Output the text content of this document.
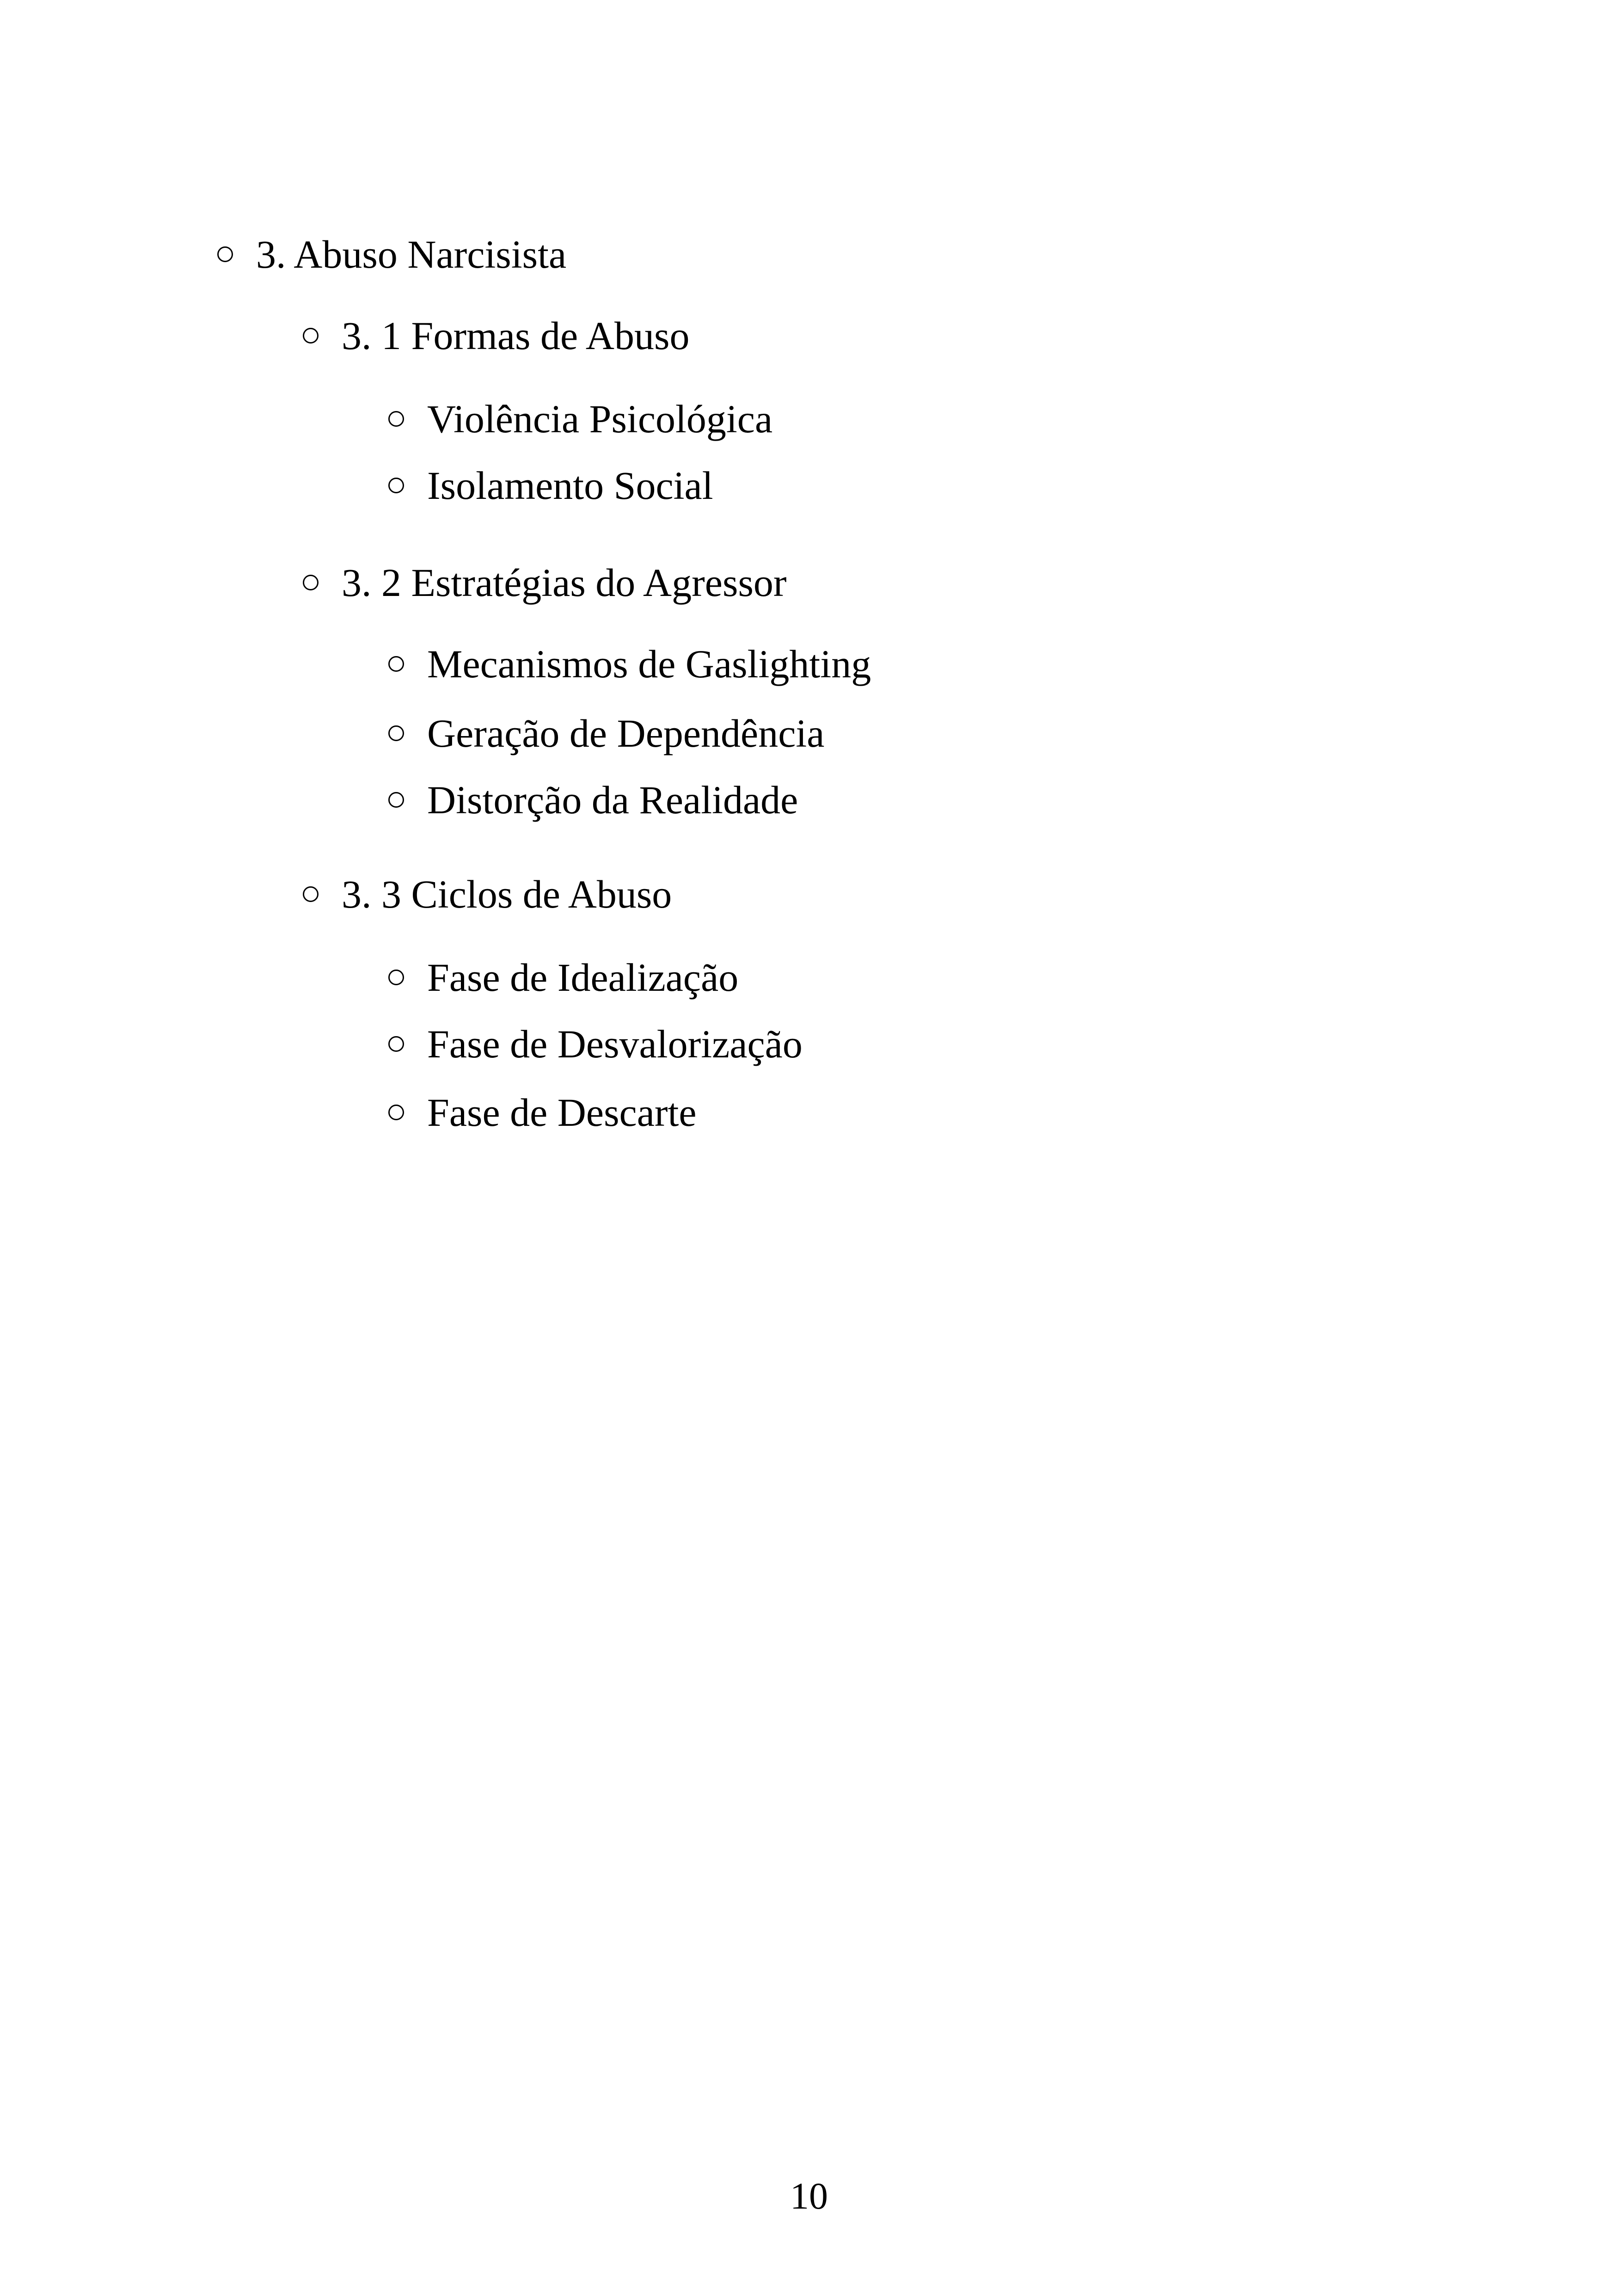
3. Abuso Narcisista
3. 1 Formas de Abuso
Violência Psicológica
Isolamento Social
3. 2 Estratégias do Agressor
Mecanismos de Gaslighting
Geração de Dependência
Distorção da Realidade
3. 3 Ciclos de Abuso
Fase de Idealização
Fase de Desvalorização
Fase de Descarte
10
